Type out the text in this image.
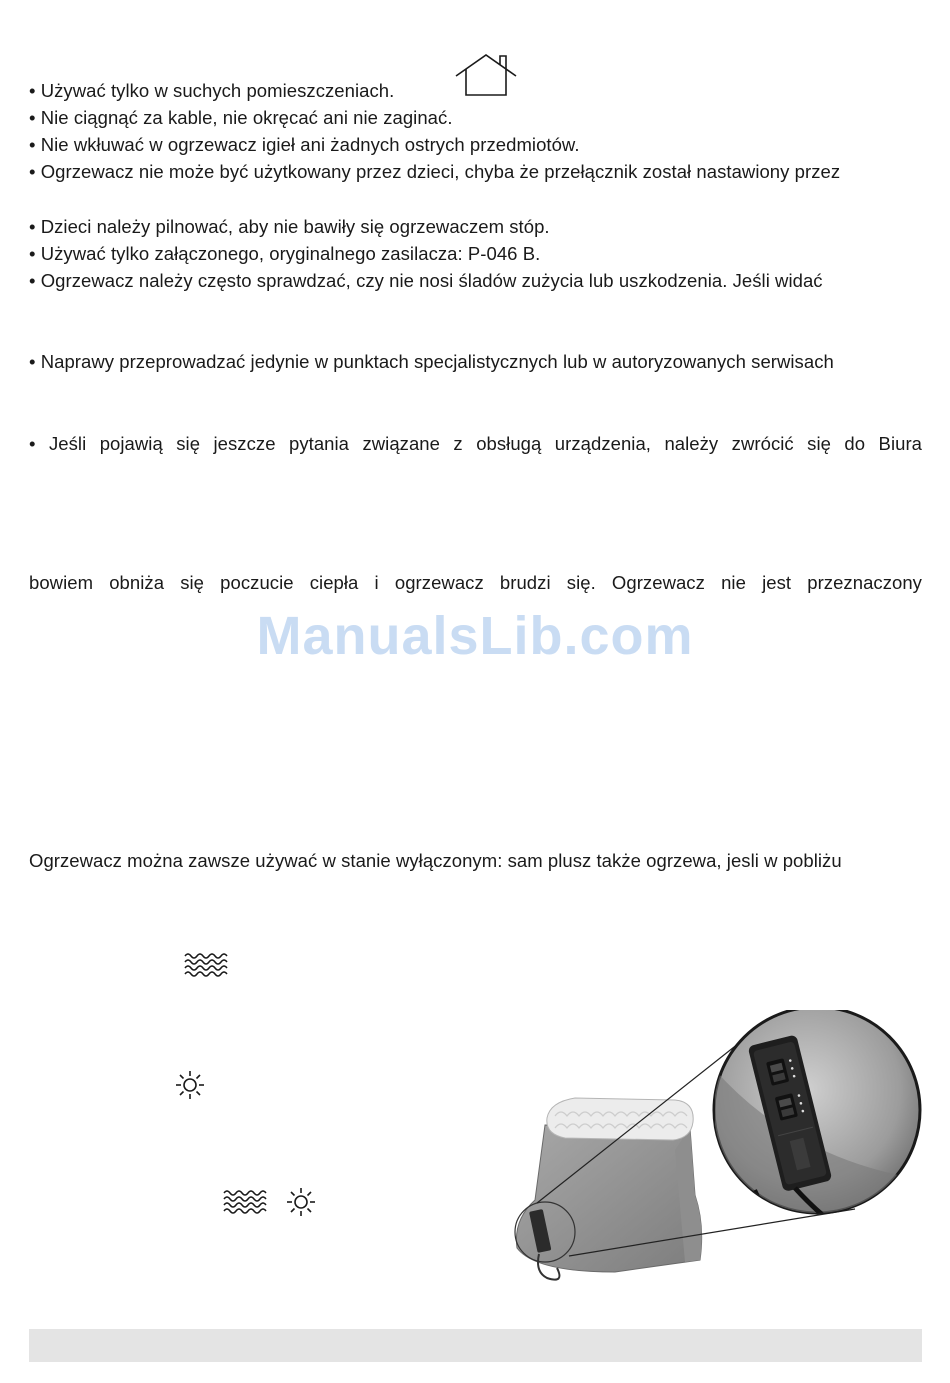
• Używać tylko w suchych pomieszczeniach.
• Nie ciągnąć za kable, nie okręcać ani nie zaginać.
• Nie wkłuwać w ogrzewacz igieł ani żadnych ostrych przedmiotów.
• Ogrzewacz nie może być użytkowany przez dzieci, chyba że przełącznik został nastawiony przez
• Dzieci należy pilnować, aby nie bawiły się ogrzewaczem stóp.
• Używać tylko załączonego, oryginalnego zasilacza: P-046 B.
• Ogrzewacz należy często sprawdzać, czy nie nosi śladów zużycia lub uszkodzenia. Jeśli widać
• Naprawy przeprowadzać jedynie w punktach specjalistycznych lub w autoryzowanych serwisach
• Jeśli pojawią się jeszcze pytania związane z obsługą urządzenia, należy zwrócić się do Biura
bowiem obniża się poczucie ciepła i ogrzewacz brudzi się. Ogrzewacz nie jest przeznaczony
Ogrzewacz można zawsze używać w stanie wyłączonym: sam plusz także ogrzewa, jesli w pobliżu
ManualsLib.com
